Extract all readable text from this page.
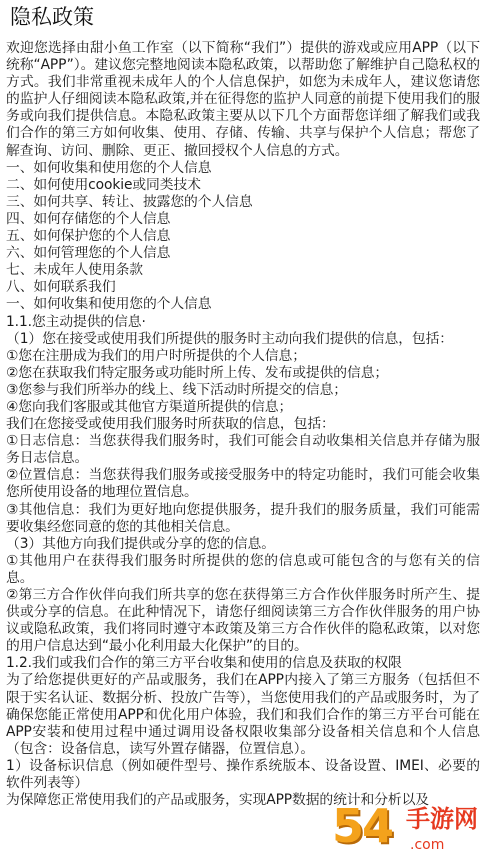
隐私政策

欢迎您选择由甜小鱼工作室（以下简称“我们”）提供的游戏或应用APP（以下统称“APP”）。建议您完整地阅读本隐私政策，以帮助您了解维护自己隐私权的方式。我们非常重视未成年人的个人信息保护，如您为未成年人，建议您请您的监护人仔细阅读本隐私政策,并在征得您的监护人同意的前提下使用我们的服务或向我们提供信息。本隐私政策主要从以下几个方面帮您详细了解我们或我们合作的第三方如何收集、使用、存储、传输、共享与保护个人信息；帮您了解查询、访问、删除、更正、撤回授权个人信息的方式。

一、如何收集和使用您的个人信息

二、如何使用cookie或同类技术

三、如何共享、转让、披露您的个人信息

四、如何存储您的个人信息

五、如何保护您的个人信息

六、如何管理您的个人信息

七、未成年人使用条款

八、如何联系我们

一、如何收集和使用您的个人信息

1.1.您主动提供的信息·

（1）您在接受或使用我们所提供的服务时主动向我们提供的信息，包括：

①您在注册成为我们的用户时所提供的个人信息；

②您在获取我们特定服务或功能时所上传、发布或提供的信息；

③您参与我们所举办的线上、线下活动时所提交的信息；

④您向我们客服或其他官方渠道所提供的信息；

我们在您接受或使用我们服务时所获取的信息，包括：

①日志信息：当您获得我们服务时，我们可能会自动收集相关信息并存储为服务日志信息。

②位置信息：当您获得我们服务或接受服务中的特定功能时，我们可能会收集您所使用设备的地理位置信息。

③其他信息：我们为更好地向您提供服务，提升我们的服务质量，我们可能需要收集经您同意的您的其他相关信息。

（3）其他方向我们提供或分享的您的信息。

①其他用户在获得我们服务时所提供的您的信息或可能包含的与您有关的信息。

②第三方合作伙伴向我们所共享的您在获得第三方合作伙伴服务时所产生、提供或分享的信息。在此种情况下，请您仔细阅读第三方合作伙伴服务的用户协议或隐私政策，我们将同时遵守本政策及第三方合作伙伴的隐私政策，以对您的用户信息达到“最小化利用最大化保护”的目的。

1.2.我们或我们合作的第三方平台收集和使用的信息及获取的权限

为了给您提供更好的产品或服务，我们在APP内接入了第三方服务（包括但不限于实名认证、数据分析、投放广告等），当您使用我们的产品或服务时，为了确保您能正常使用APP和优化用户体验，我们和我们合作的第三方平台可能在APP安装和使用过程中通过调用设备权限收集部分设备相关信息和个人信息（包含：设备信息，读写外置存储器，位置信息）。

1）设备标识信息（例如硬件型号、操作系统版本、设备设置、IMEI、必要的软件列表等）

为保障您正常使用我们的产品或服务，实现APP数据的统计和分析以及

54 手游网
.com
